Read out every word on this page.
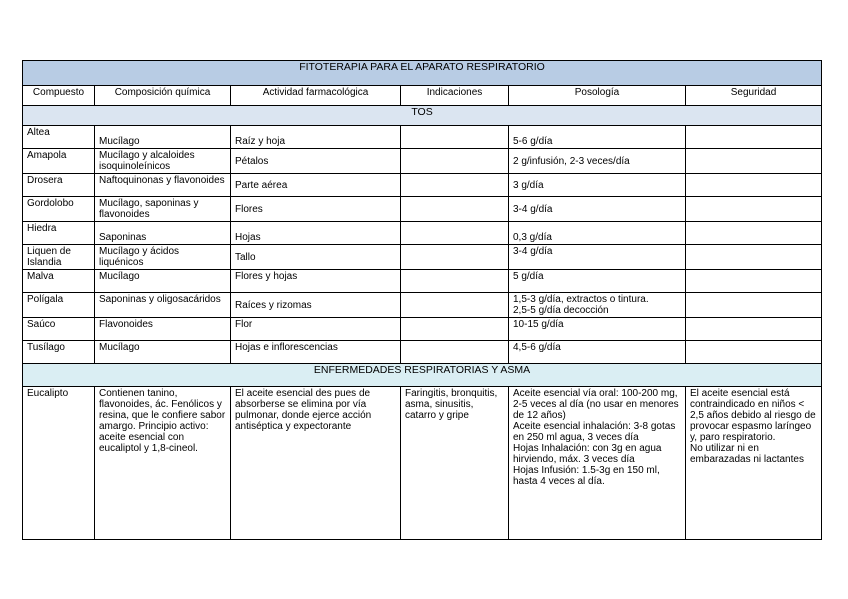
FITOTERAPIA PARA EL APARATO RESPIRATORIO					
Compuesto	Composición química	Actividad farmacológica	Indicaciones	Posología	Seguridad
TOS					
Altea	Mucílago	Raíz y hoja		5-6 g/día	
Amapola	Mucílago y alcaloides isoquinoleínicos	Pétalos		2 g/infusión, 2-3 veces/día	
Drosera	Naftoquinonas y flavonoides	Parte aérea		3 g/día	
Gordolobo	Mucílago, saponinas y flavonoides	Flores		3-4 g/día	
Hiedra	Saponinas	Hojas		0,3 g/día	
Liquen de Islandia	Mucílago y ácidos liquénicos	Tallo		3-4 g/día	
Malva	Mucílago	Flores y hojas		5 g/día	
Polígala	Saponinas y oligosacáridos	Raíces y rizomas		1,5-3 g/día, extractos o tintura.
2,5-5 g/día decocción	
Saúco	Flavonoides	Flor		10-15 g/día	
Tusílago	Mucílago	Hojas e inflorescencias		4,5-6 g/día	
ENFERMEDADES RESPIRATORIAS Y ASMA					
Eucalipto	Contienen tanino, flavonoides, ác. Fenólicos y resina, que le confiere sabor amargo. Principio activo: aceite esencial con eucaliptol y 1,8-cineol.	El aceite esencial des pues de absorberse se elimina por vía pulmonar, donde ejerce acción antiséptica y expectorante	Faringitis, bronquitis, asma, sinusitis, catarro y gripe	Aceite esencial vía oral: 100-200 mg, 2-5 veces al día (no usar en menores de 12 años)
Aceite esencial inhalación: 3-8 gotas en 250 ml agua, 3 veces día
Hojas Inhalación: con 3g en agua hirviendo, máx. 3 veces día
Hojas Infusión: 1.5-3g en 150 ml, hasta 4 veces al día.	El aceite esencial está contraindicado en niños < 2,5 años debido al riesgo de provocar espasmo laríngeo y, paro respiratorio.
No utilizar ni en embarazadas ni lactantes
